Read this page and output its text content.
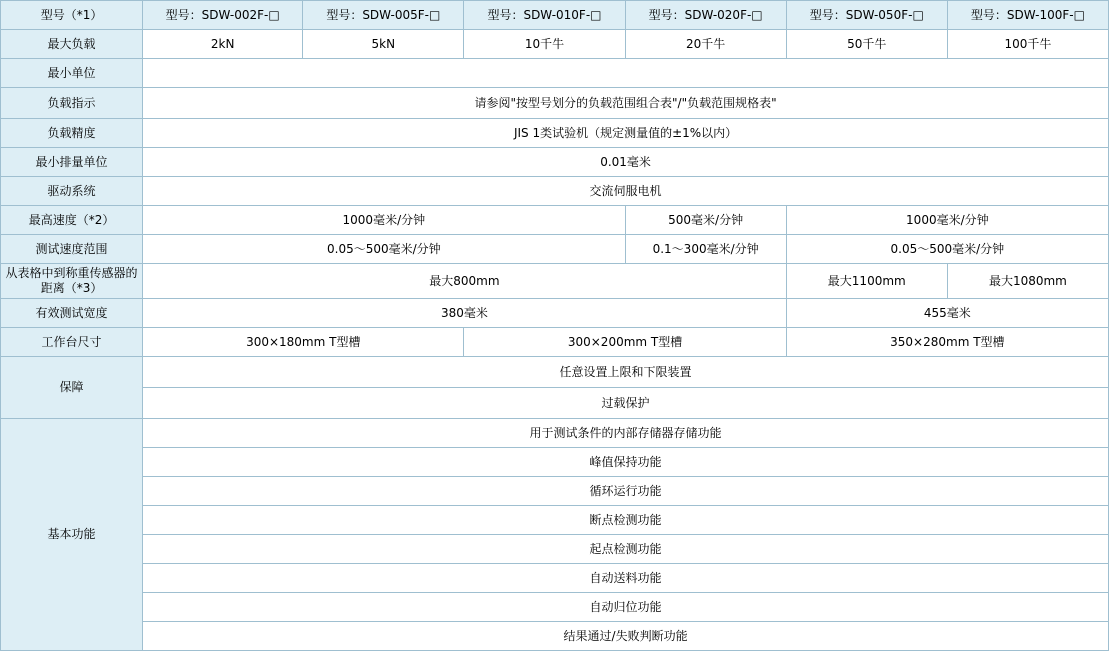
型号（*1）	型号：SDW-002F-□	型号：SDW-005F-□	型号：SDW-010F-□	型号：SDW-020F-□	型号：SDW-050F-□	型号：SDW-100F-□
最大负载	2kN	5kN	10千牛	20千牛	50千牛	100千牛
最小单位						
负载指示	请参阅"按型号划分的负载范围组合表"/"负载范围规格表"					
负载精度	JIS 1类试验机（规定测量值的±1%以内）					
最小排量单位	0.01毫米					
驱动系统	交流伺服电机					
最高速度（*2）	1000毫米/分钟			500毫米/分钟	1000毫米/分钟	
测试速度范围	0.05〜500毫米/分钟			0.1〜300毫米/分钟	0.05〜500毫米/分钟	
从表格中到称重传感器的距离（*3）	最大800mm				最大1100mm	最大1080mm
有效测试宽度	380毫米				455毫米	
工作台尺寸	300×180mm T型槽		300×200mm T型槽		350×280mm T型槽	
保障	任意设置上限和下限装置					
	过载保护					
基本功能	用于测试条件的内部存储器存储功能					
	峰值保持功能					
	循环运行功能					
	断点检测功能					
	起点检测功能					
	自动送料功能					
	自动归位功能					
	结果通过/失败判断功能					
